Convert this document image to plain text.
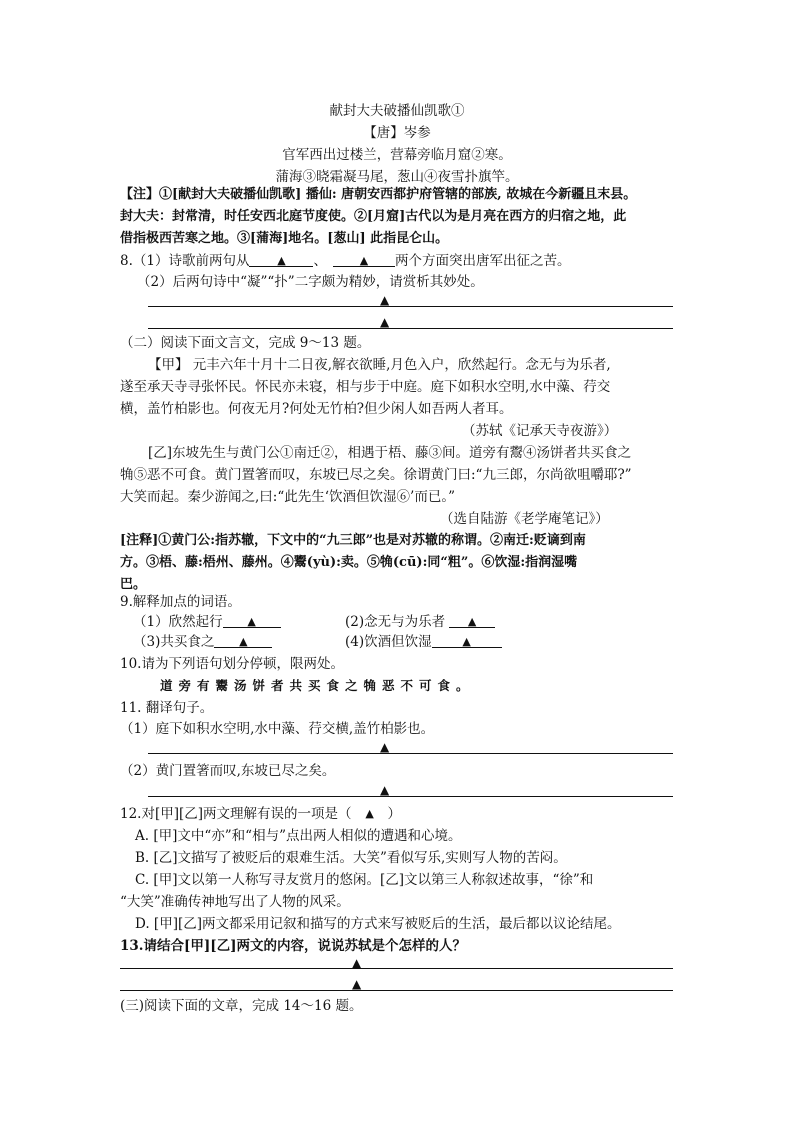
献封大夫破播仙凯歌①
【唐】岑参
官军西出过楼兰，营幕旁临月窟②寒。
蒲海③晓霜凝马尾，葱山④夜雪扑旗竿。
【注】①[献封大夫破播仙凯歌] 播仙: 唐朝安西都护府管辖的部族, 故城在今新疆且末县。
封大夫：封常清，时任安西北庭节度使。②[月窟]古代以为是月亮在西方的归宿之地，此
借指极西苦寒之地。③[蒲海]地名。[葱山] 此指昆仑山。
8.（1）诗歌前两句从	▲ 、	▲ 两个方面突出唐军出征之苦。
（2）后两句诗中“凝”“扑”二字颇为精妙，请赏析其妙处。
▲
▲
（二）阅读下面文言文，完成 9～13 题。
【甲】 元丰六年十月十二日夜,解衣欲睡,月色入户，欣然起行。念无与为乐者,
遂至承天寺寻张怀民。怀民亦未寝，相与步于中庭。庭下如积水空明,水中藻、荇交
横，盖竹柏影也。何夜无月?何处无竹柏?但少闲人如吾两人者耳。
（苏轼《记承天寺夜游》）
[乙]东坡先生与黄门公①南迁②，相遇于梧、藤③间。道旁有鬻④汤饼者共买食之
觕⑤恶不可食。黄门置箸而叹，东坡已尽之矣。徐谓黄门曰:“九三郎，尔尚欲咀嚼耶?”
大笑而起。秦少游闻之,曰:“此先生‘饮酒但饮湿⑥’而已。”
（选自陆游《老学庵笔记》）
[注释]①黄门公:指苏辙，下文中的“九三郎”也是对苏辙的称谓。②南迁:贬谪到南
方。③梧、藤:梧州、藤州。④鬻(yù):卖。⑤觕(cū):同“粗”。⑥饮湿:指润湿嘴
巴。
9.解释加点的词语。
（1）欣然起行 ▲	(2)念无与为乐者 ▲
（3)共买食之 ▲	(4)饮酒但饮湿	▲
10.请为下列语句划分停顿，限两处。
道旁有鬻汤饼者共买食之觕恶不可食。
11. 翻译句子。
（1）庭下如积水空明,水中藻、荇交横,盖竹柏影也。
▲
（2）黄门置箸而叹,东坡已尽之矣。
▲
12.对[甲][乙]两文理解有误的一项是（ ▲ ）
A. [甲]文中“亦”和“相与”点出两人相似的遭遇和心境。
B. [乙]文描写了被贬后的艰难生活。大笑”看似写乐,实则写人物的苦闷。
C. [甲]文以第一人称写寻友赏月的悠闲。[乙]文以第三人称叙述故事，“徐”和
“大笑”准确传神地写出了人物的风采。
D. [甲][乙]两文都采用记叙和描写的方式来写被贬后的生活，最后都以议论结尾。
13.请结合[甲][乙]两文的内容，说说苏轼是个怎样的人？
▲
▲
(三)阅读下面的文章，完成 14～16 题。
